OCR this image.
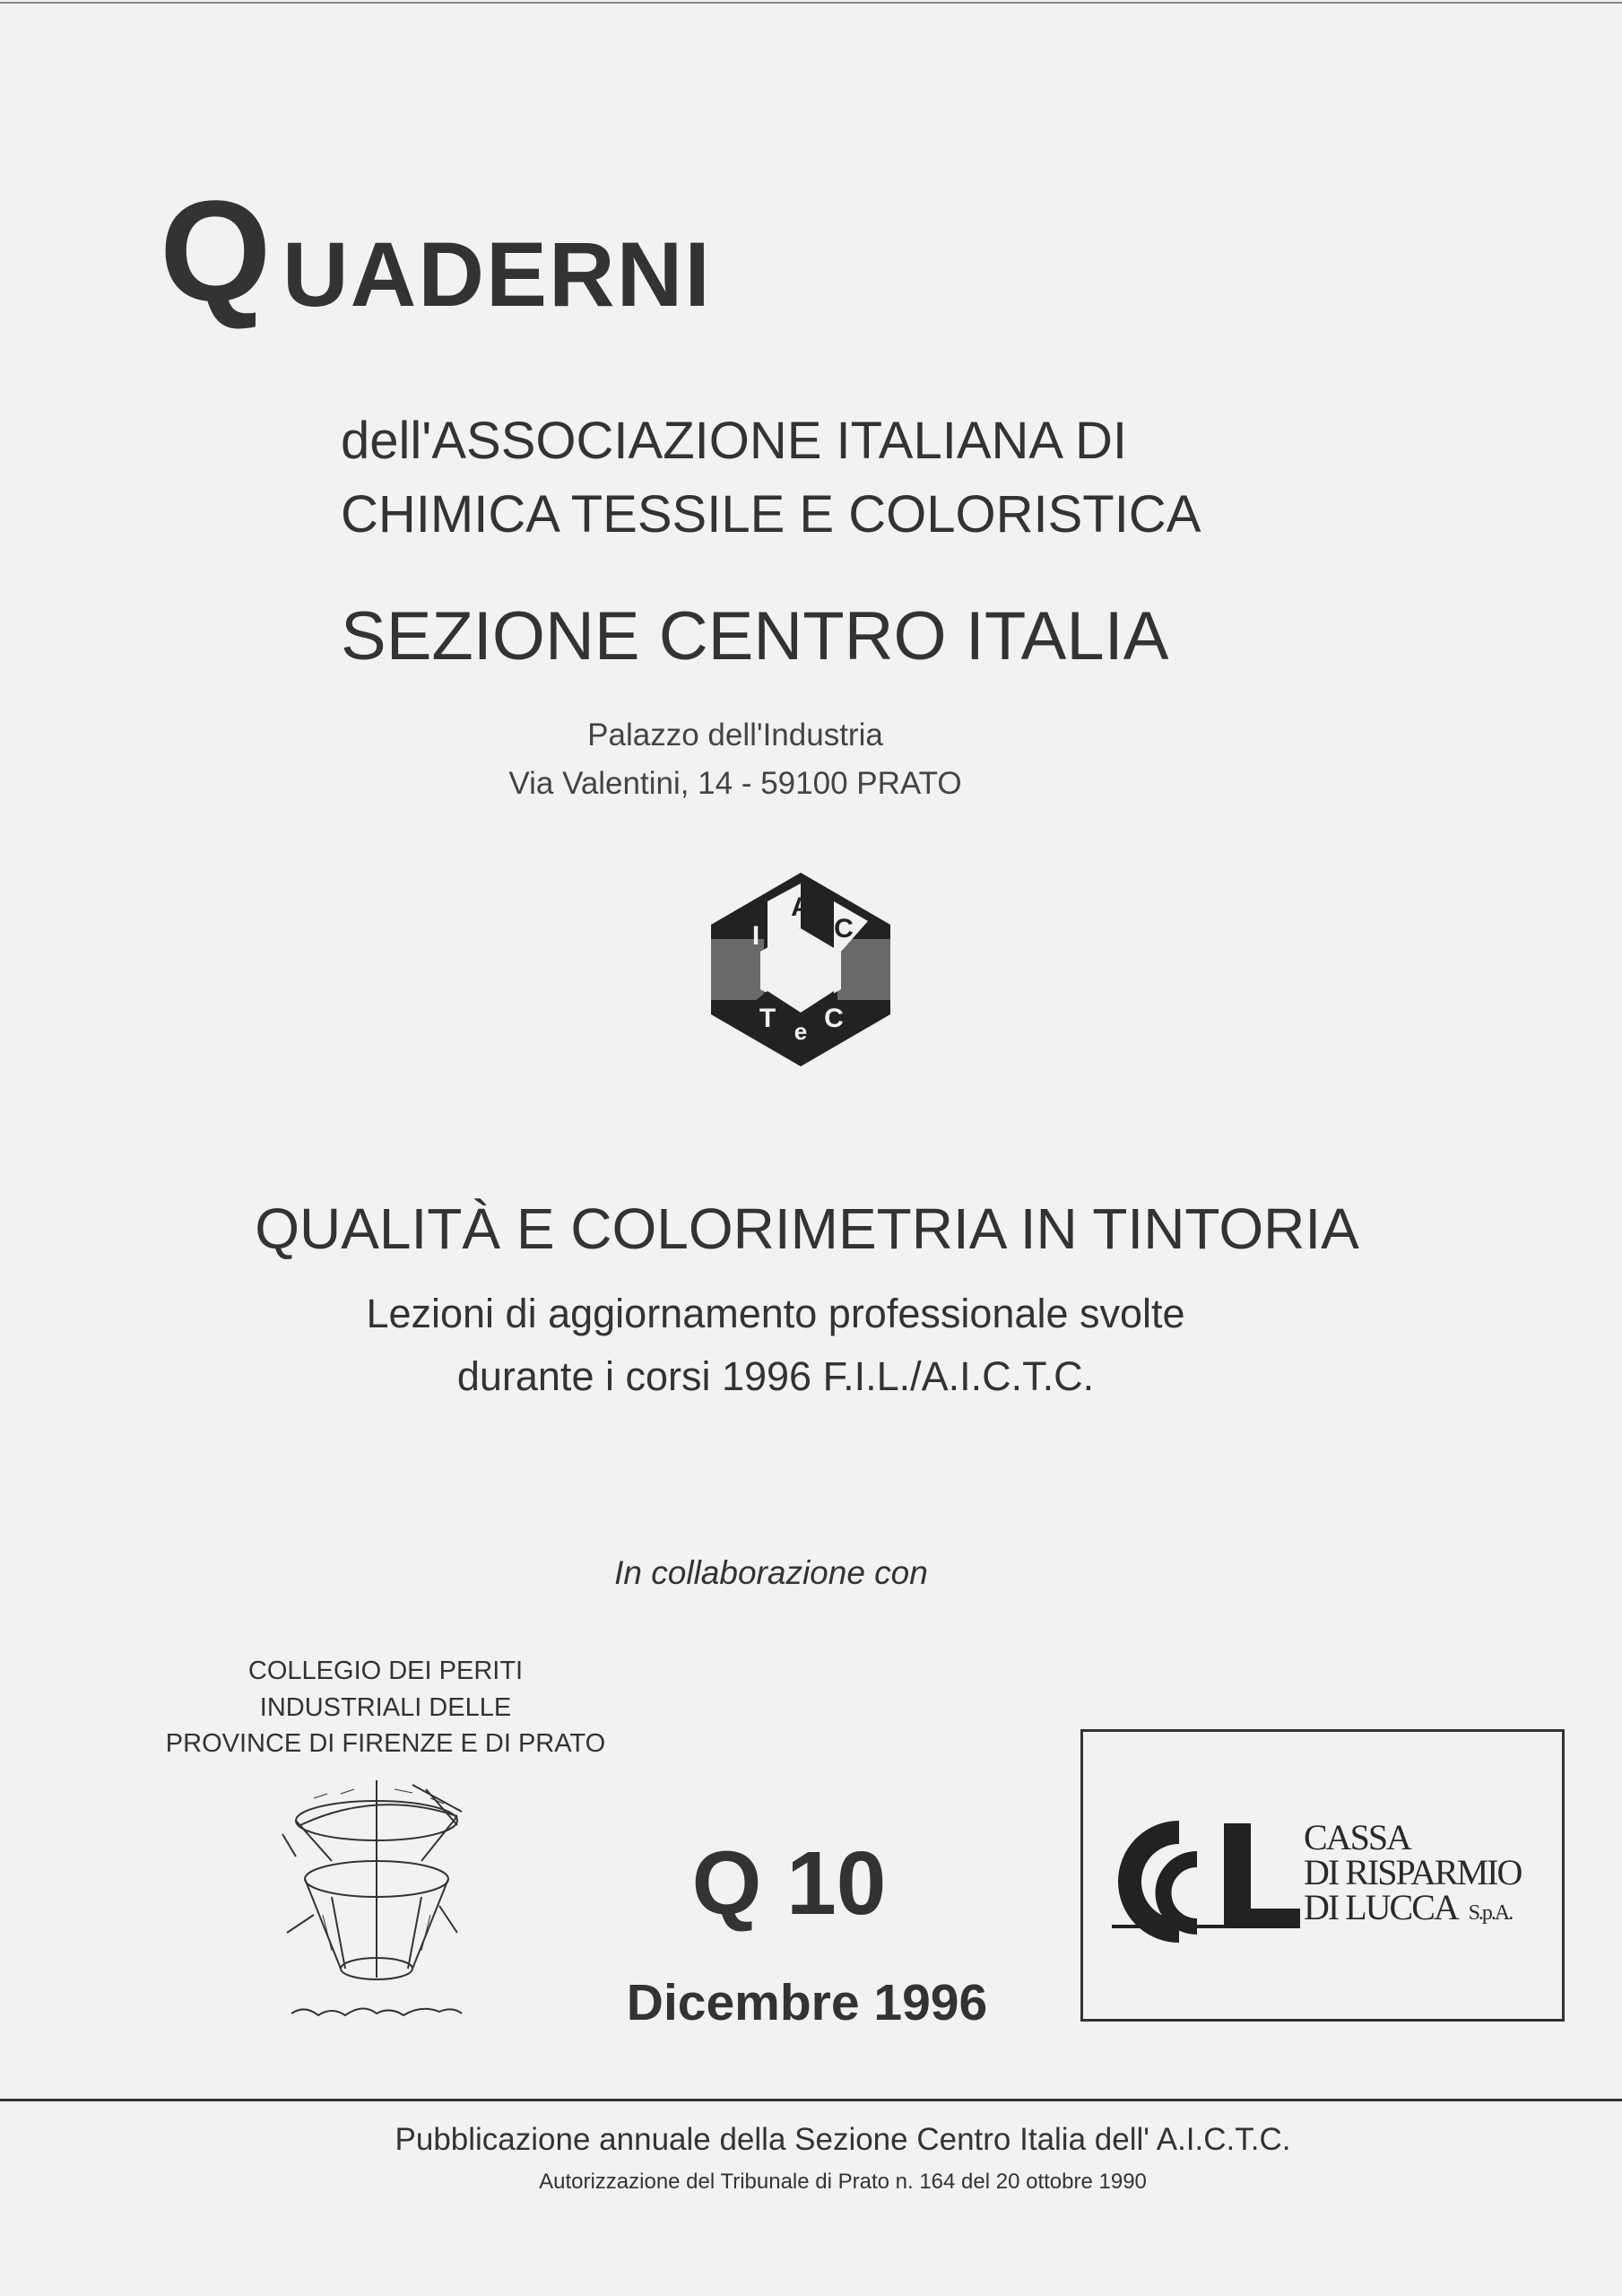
Q UADERNI
dell'ASSOCIAZIONE ITALIANA DI
CHIMICA TESSILE E COLORISTICA
SEZIONE CENTRO ITALIA
Palazzo dell'Industria
Via Valentini, 14 - 59100 PRATO
I
A
C
T e C
QUALITÀ E COLORIMETRIA IN TINTORIA
Lezioni di aggiornamento professionale svolte
durante i corsi 1996 F.I.L./A.I.C.T.C.
In collaborazione con
COLLEGIO DEI PERITI
INDUSTRIALI DELLE
PROVINCE DI FIRENZE E DI PRATO
Q 10
Dicembre 1996
CASSA
DI RISPARMIO
DI LUCCA S.p.A.
Pubblicazione annuale della Sezione Centro Italia dell' A.I.C.T.C.
Autorizzazione del Tribunale di Prato n. 164 del 20 ottobre 1990
